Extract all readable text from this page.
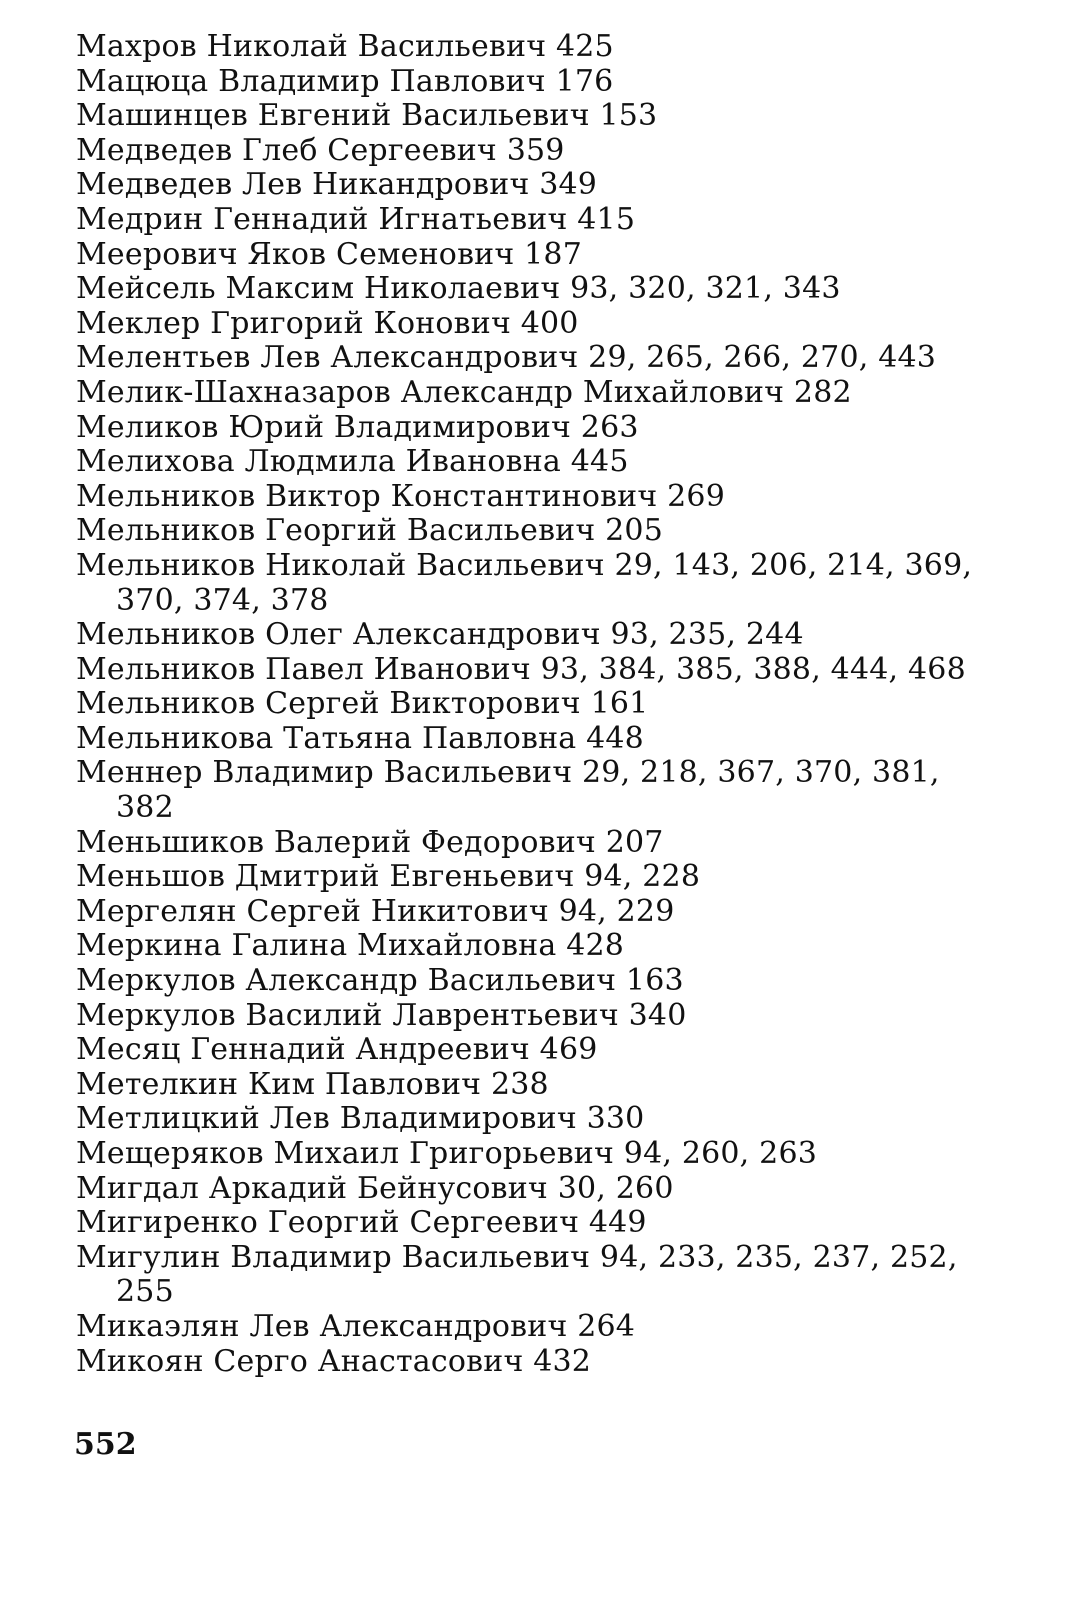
Махров Николай Васильевич 425
Мацюца Владимир Павлович 176
Машинцев Евгений Васильевич 153
Медведев Глеб Сергеевич 359
Медведев Лев Никандрович 349
Медрин Геннадий Игнатьевич 415
Меерович Яков Семенович 187
Мейсель Максим Николаевич 93, 320, 321, 343
Меклер Григорий Конович 400
Мелентьев Лев Александрович 29, 265, 266, 270, 443
Мелик-Шахназаров Александр Михайлович 282
Меликов Юрий Владимирович 263
Мелихова Людмила Ивановна 445
Мельников Виктор Константинович 269
Мельников Георгий Васильевич 205
Мельников Николай Васильевич 29, 143, 206, 214, 369,
370, 374, 378
Мельников Олег Александрович 93, 235, 244
Мельников Павел Иванович 93, 384, 385, 388, 444, 468
Мельников Сергей Викторович 161
Мельникова Татьяна Павловна 448
Меннер Владимир Васильевич 29, 218, 367, 370, 381,
382
Меньшиков Валерий Федорович 207
Меньшов Дмитрий Евгеньевич 94, 228
Мергелян Сергей Никитович 94, 229
Меркина Галина Михайловна 428
Меркулов Александр Васильевич 163
Меркулов Василий Лаврентьевич 340
Месяц Геннадий Андреевич 469
Метелкин Ким Павлович 238
Метлицкий Лев Владимирович 330
Мещеряков Михаил Григорьевич 94, 260, 263
Мигдал Аркадий Бейнусович 30, 260
Мигиренко Георгий Сергеевич 449
Мигулин Владимир Васильевич 94, 233, 235, 237, 252,
255
Микаэлян Лев Александрович 264
Микоян Серго Анастасович 432
552
